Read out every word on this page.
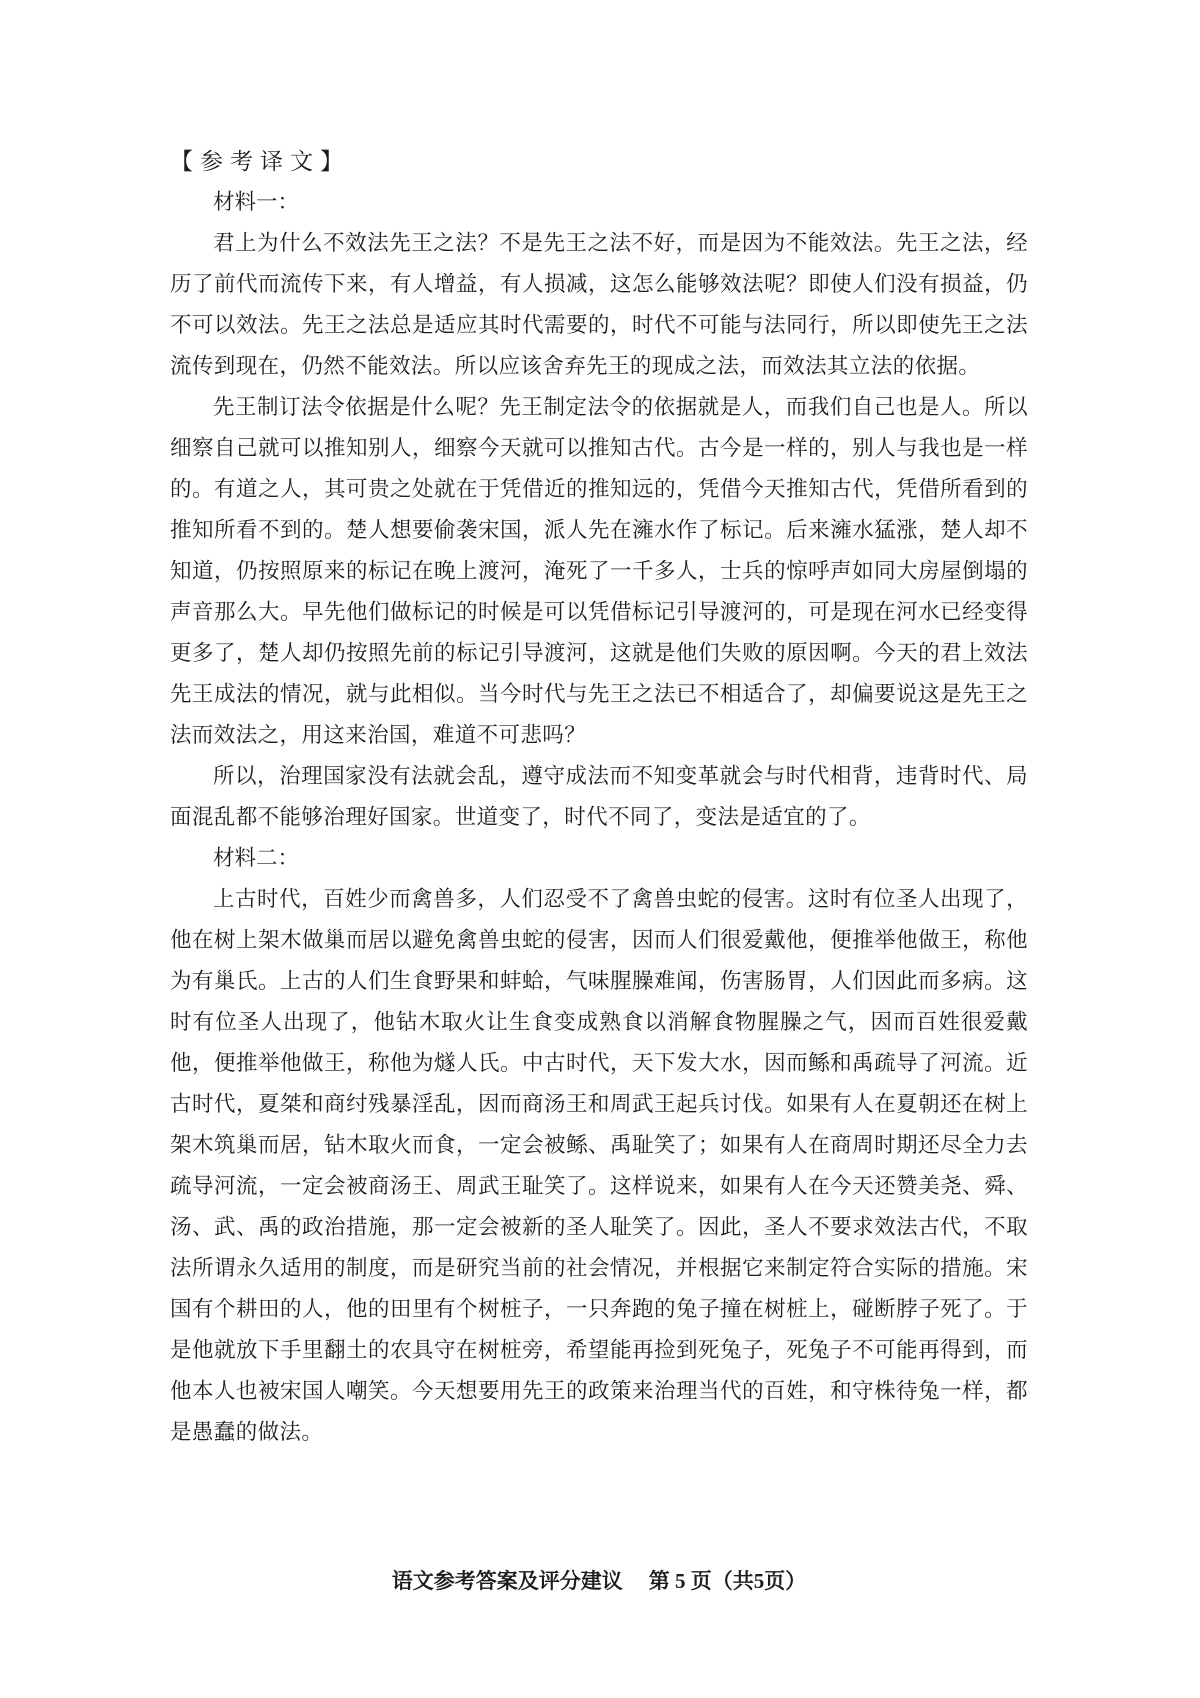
【参考译文】

材料一：

君上为什么不效法先王之法？不是先王之法不好，而是因为不能效法。先王之法，经历了前代而流传下来，有人增益，有人损减，这怎么能够效法呢？即使人们没有损益，仍不可以效法。先王之法总是适应其时代需要的，时代不可能与法同行，所以即使先王之法流传到现在，仍然不能效法。所以应该舍弃先王的现成之法，而效法其立法的依据。

先王制订法令依据是什么呢？先王制定法令的依据就是人，而我们自己也是人。所以细察自己就可以推知别人，细察今天就可以推知古代。古今是一样的，别人与我也是一样的。有道之人，其可贵之处就在于凭借近的推知远的，凭借今天推知古代，凭借所看到的推知所看不到的。楚人想要偷袭宋国，派人先在澭水作了标记。后来澭水猛涨，楚人却不知道，仍按照原来的标记在晚上渡河，淹死了一千多人，士兵的惊呼声如同大房屋倒塌的声音那么大。早先他们做标记的时候是可以凭借标记引导渡河的，可是现在河水已经变得更多了，楚人却仍按照先前的标记引导渡河，这就是他们失败的原因啊。今天的君上效法先王成法的情况，就与此相似。当今时代与先王之法已不相适合了，却偏要说这是先王之法而效法之，用这来治国，难道不可悲吗？

所以，治理国家没有法就会乱，遵守成法而不知变革就会与时代相背，违背时代、局面混乱都不能够治理好国家。世道变了，时代不同了，变法是适宜的了。

材料二：

上古时代，百姓少而禽兽多，人们忍受不了禽兽虫蛇的侵害。这时有位圣人出现了，他在树上架木做巢而居以避免禽兽虫蛇的侵害，因而人们很爱戴他，便推举他做王，称他为有巢氏。上古的人们生食野果和蚌蛤，气味腥臊难闻，伤害肠胃，人们因此而多病。这时有位圣人出现了，他钻木取火让生食变成熟食以消解食物腥臊之气，因而百姓很爱戴他，便推举他做王，称他为燧人氏。中古时代，天下发大水，因而鲧和禹疏导了河流。近古时代，夏桀和商纣残暴淫乱，因而商汤王和周武王起兵讨伐。如果有人在夏朝还在树上架木筑巢而居，钻木取火而食，一定会被鲧、禹耻笑了；如果有人在商周时期还尽全力去疏导河流，一定会被商汤王、周武王耻笑了。这样说来，如果有人在今天还赞美尧、舜、汤、武、禹的政治措施，那一定会被新的圣人耻笑了。因此，圣人不要求效法古代，不取法所谓永久适用的制度，而是研究当前的社会情况，并根据它来制定符合实际的措施。宋国有个耕田的人，他的田里有个树桩子，一只奔跑的兔子撞在树桩上，碰断脖子死了。于是他就放下手里翻土的农具守在树桩旁，希望能再捡到死兔子，死兔子不可能再得到，而他本人也被宋国人嘲笑。今天想要用先王的政策来治理当代的百姓，和守株待兔一样，都是愚蠢的做法。

语文参考答案及评分建议 第 5 页（共5页）
